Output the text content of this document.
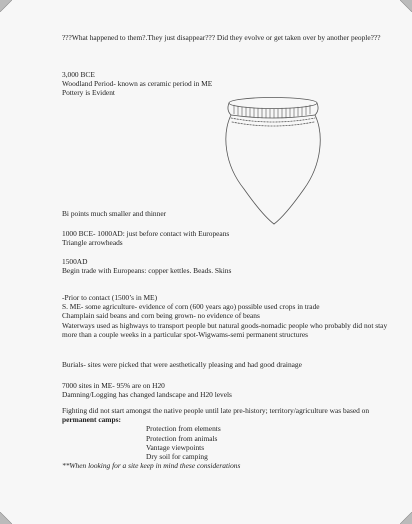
???What happened to them?.They just disappear??? Did they evolve or get taken over by another people???
3,000 BCE
Woodland Period- known as ceramic period in ME
Pottery is Evident
Bi points much smaller and thinner
1000 BCE- 1000AD: just before contact with Europeans
Triangle arrowheads
1500AD
Begin trade with Europeans: copper kettles. Beads. Skins
-Prior to contact (1500’s in ME)
S. ME- some agriculture- evidence of corn (600 years ago) possible used crops in trade
Champlain said beans and corn being grown- no evidence of beans
Waterways used as highways to transport people but natural goods-nomadic people who probably did not stay more than a couple weeks in a particular spot-Wigwams-semi permanent structures
Burials- sites were picked that were aesthetically pleasing and had good drainage
7000 sites in ME- 95% are on H20
Damning/Logging has changed landscape and H20 levels
Fighting did not start amongst the native people until late pre-history; territory/agriculture was based on permanent camps:
Protection from elements
Protection from animals
Vantage viewpoints
Dry soil for camping
**When looking for a site keep in mind these considerations
